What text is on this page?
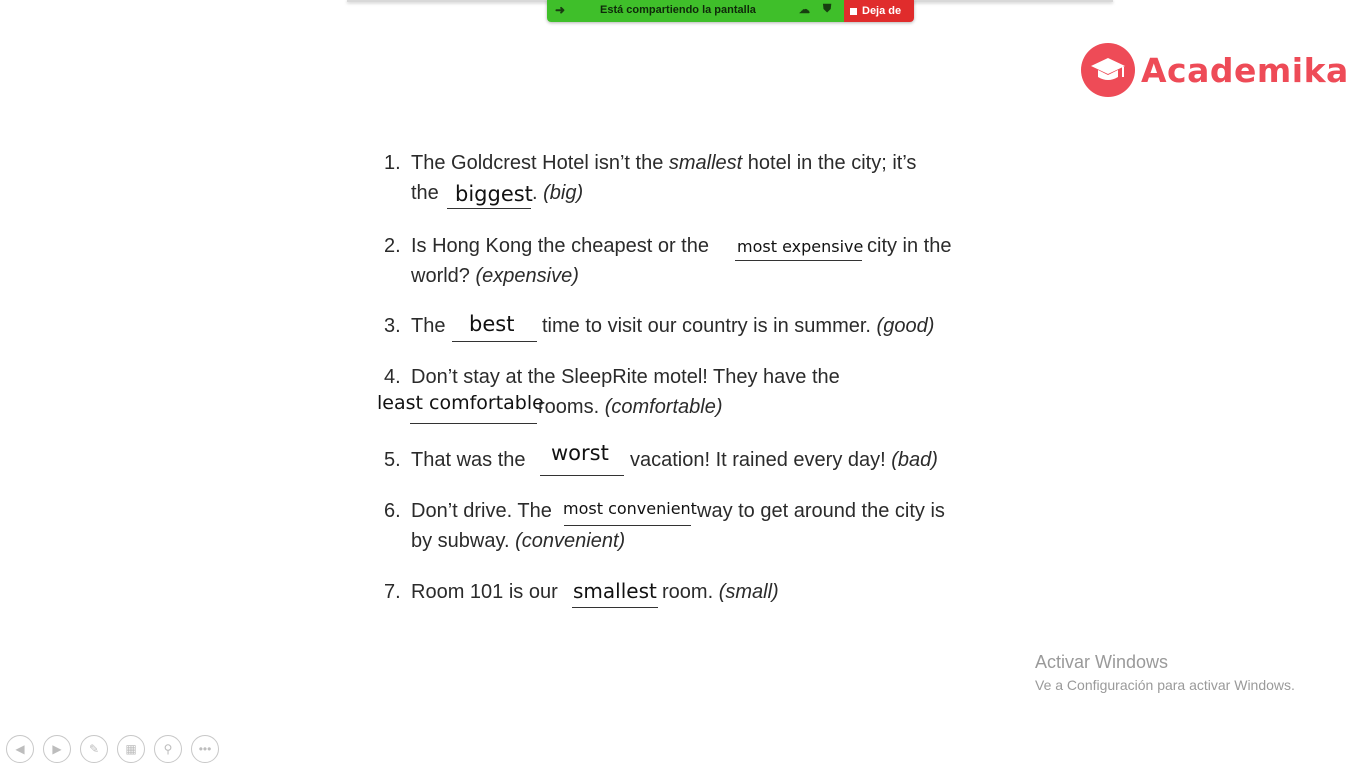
➜	Está compartiendo la pantalla	☁ ⛊	Deja de
Academika
1. The Goldcrest Hotel isn’t the smallest hotel in the city; it’s
the biggest . (big)
2. Is Hong Kong the cheapest or the most expensive city in the
world? (expensive)
3. The best time to visit our country is in summer. (good)
4. Don’t stay at the SleepRite motel! They have the
least comfortable
rooms. (comfortable)
5. That was the worst vacation! It rained every day! (bad)
6. Don’t drive. The most convenient way to get around the city is
by subway. (convenient)
7. Room 101 is our smallest room. (small)
Activar Windows
Ve a Configuración para activar Windows.
◀	▶	✎	▦	⚲	•••
